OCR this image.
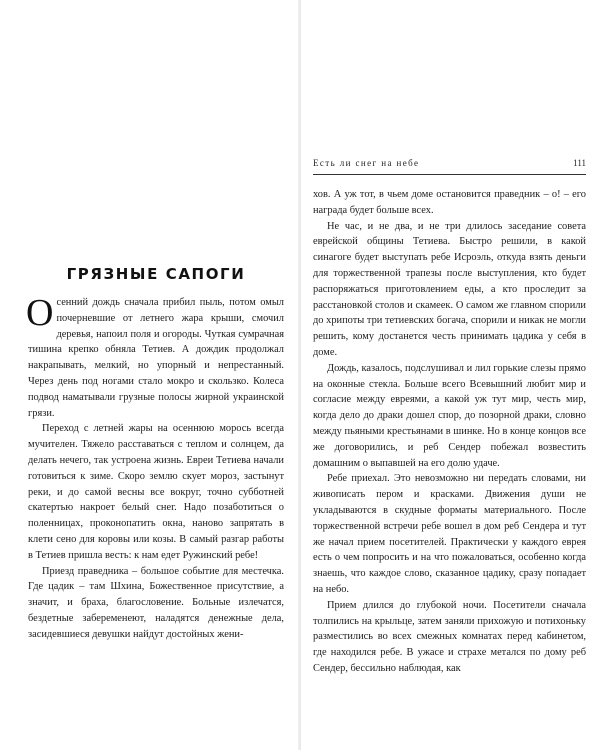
ГРЯЗНЫЕ САПОГИ

Осенний дождь сначала прибил пыль, потом омыл почерневшие от летнего жара крыши, смочил деревья, напоил поля и огороды. Чуткая сумрачная тишина крепко обняла Тетиев. А дождик продолжал накрапывать, мелкий, но упорный и непрестанный. Через день под ногами стало мокро и скользко. Колеса подвод наматывали грузные полосы жирной украинской грязи.

Переход с летней жары на осеннюю морось всегда мучителен. Тяжело расставаться с теплом и солнцем, да делать нечего, так устроена жизнь. Евреи Тетиева начали готовиться к зиме. Скоро землю скует мороз, застынут реки, и до самой весны все вокруг, точно субботней скатертью накроет белый снег. Надо позаботиться о поленницах, проконопатить окна, наново запрятать в клети сено для коровы или козы. В самый разгар работы в Тетиев пришла весть: к нам едет Ружинский ребе!

Приезд праведника – большое событие для местечка. Где цадик – там Шхина, Божественное присутствие, а значит, и браха, благословение. Больные излечатся, бездетные забеременеют, наладятся денежные дела, засидевшиеся девушки найдут достойных жени-

Есть ли снег на небе	111

хов. А уж тот, в чьем доме остановится праведник – о! – его награда будет больше всех.

Не час, и не два, и не три длилось заседание совета еврейской общины Тетиева. Быстро решили, в какой синагоге будет выступать ребе Исроэль, откуда взять деньги для торжественной трапезы после выступления, кто будет распоряжаться приготовлением еды, а кто проследит за расстановкой столов и скамеек. О самом же главном спорили до хрипоты три тетиевских богача, спорили и никак не могли решить, кому достанется честь принимать цадика у себя в доме.

Дождь, казалось, подслушивал и лил горькие слезы прямо на оконные стекла. Больше всего Всевышний любит мир и согласие между евреями, а какой уж тут мир, честь мир, когда дело до драки дошел спор, до позорной драки, словно между пьяными крестьянами в шинке. Но в конце концов все же договорились, и реб Сендер побежал возвестить домашним о выпавшей на его долю удаче.

Ребе приехал. Это невозможно ни передать словами, ни живописать пером и красками. Движения души не укладываются в скудные форматы материального. После торжественной встречи ребе вошел в дом реб Сендера и тут же начал прием посетителей. Практически у каждого еврея есть о чем попросить и на что пожаловаться, особенно когда знаешь, что каждое слово, сказанное цадику, сразу попадает на небо.

Прием длился до глубокой ночи. Посетители сначала толпились на крыльце, затем заняли прихожую и потихоньку разместились во всех смежных комнатах перед кабинетом, где находился ребе. В ужасе и страхе метался по дому реб Сендер, бессильно наблюдая, как
